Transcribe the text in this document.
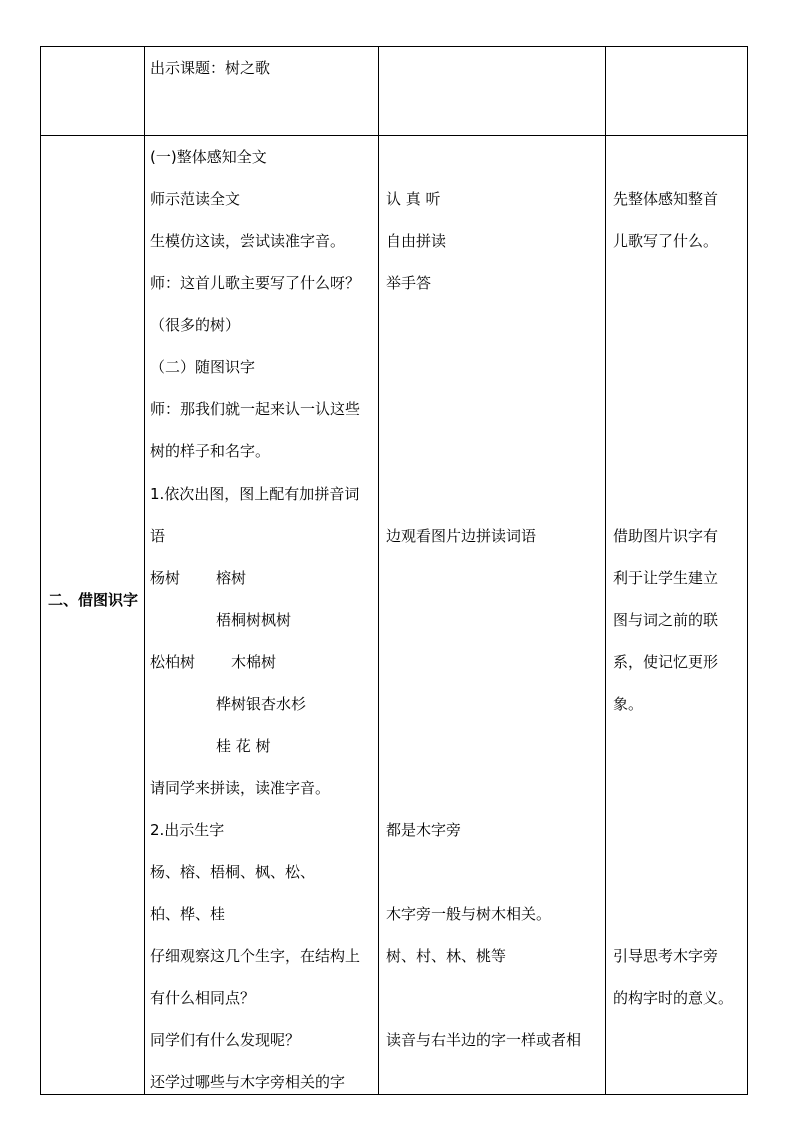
出示课题：树之歌
二、借图识字
(一)整体感知全文
师示范读全文
生模仿这读，尝试读准字音。
师：这首儿歌主要写了什么呀？
（很多的树）
（二）随图识字
师：那我们就一起来认一认这些
树的样子和名字。
1.依次出图，图上配有加拼音词
语
杨树 榕树
梧桐树枫树
松柏树 木棉树
桦树银杏水杉
桂 花 树
请同学来拼读，读准字音。
2.出示生字
杨、榕、梧桐、枫、松、
柏、桦、桂
仔细观察这几个生字，在结构上
有什么相同点？
同学们有什么发现呢？
还学过哪些与木字旁相关的字
认 真 听
自由拼读
举手答
边观看图片边拼读词语
都是木字旁
木字旁一般与树木相关。
树、村、林、桃等
读音与右半边的字一样或者相
先整体感知整首
儿歌写了什么。
借助图片识字有
利于让学生建立
图与词之前的联
系，使记忆更形
象。
引导思考木字旁
的构字时的意义。
